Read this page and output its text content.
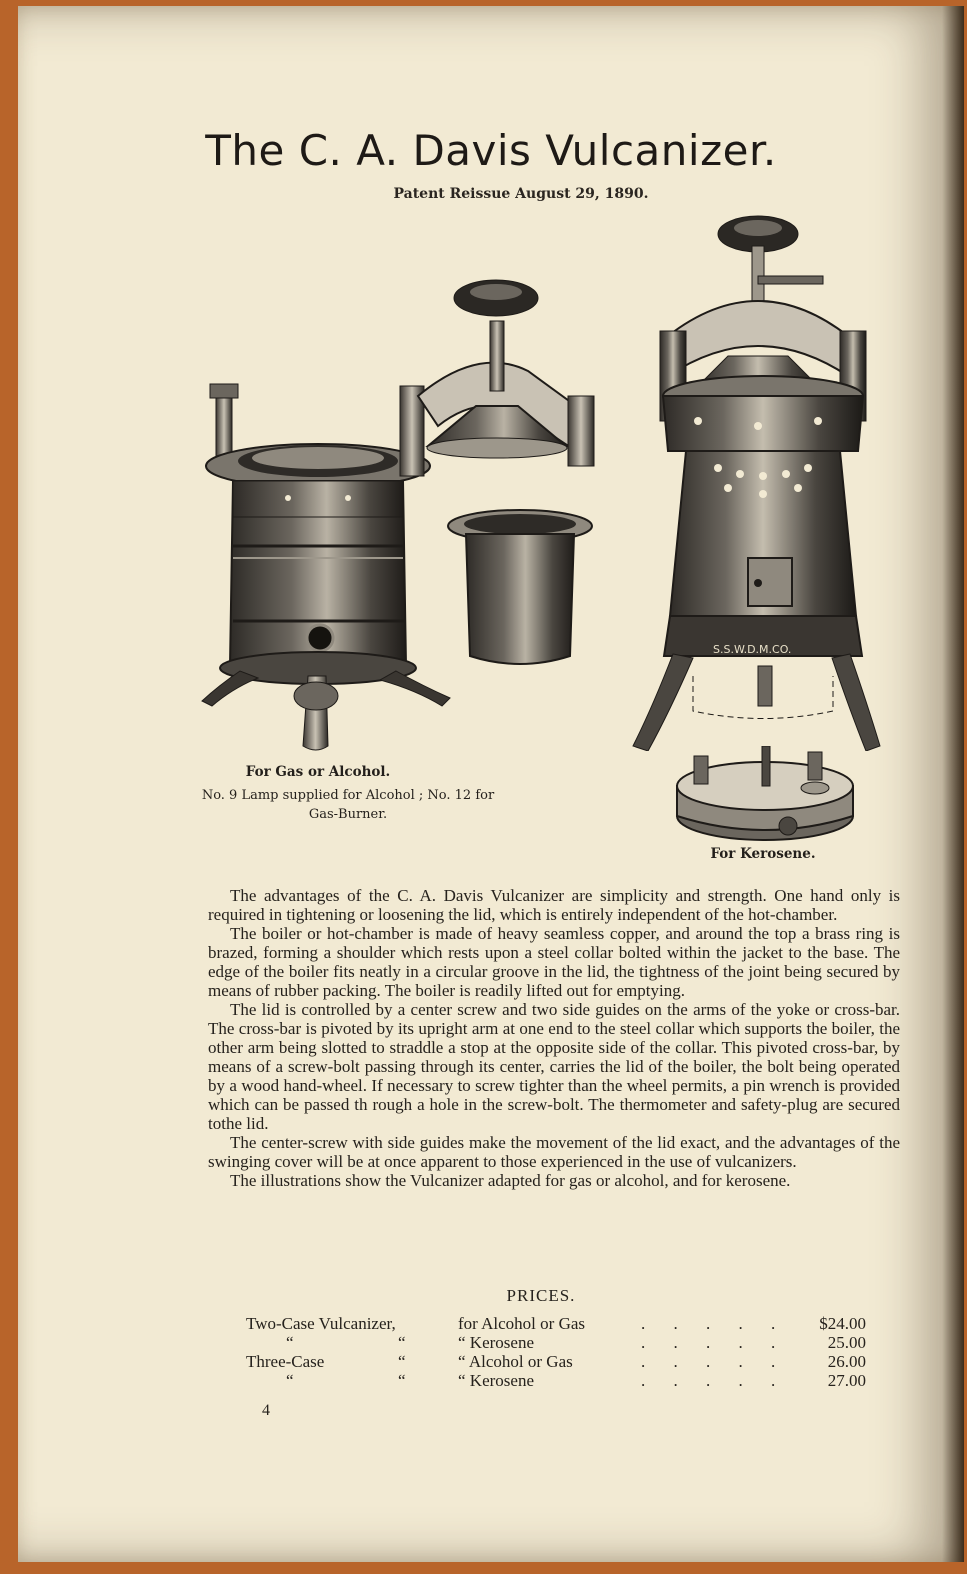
The C. A. Davis Vulcanizer.
Patent Reissue August 29, 1890.
S.S.W.D.M.CO.
For Gas or Alcohol.
No. 9 Lamp supplied for Alcohol ; No. 12 for
Gas-Burner.
For Kerosene.

The advantages of the C. A. Davis Vulcanizer are simplicity and strength. One hand only is required in tightening or loosening the lid, which is entirely independent of the hot-chamber.

The boiler or hot-chamber is made of heavy seamless copper, and around the top a brass ring is brazed, forming a shoulder which rests upon a steel collar bolted within the jacket to the base. The edge of the boiler fits neatly in a circular groove in the lid, the tightness of the joint being secured by means of rubber packing. The boiler is readily lifted out for emptying.

The lid is controlled by a center screw and two side guides on the arms of the yoke or cross-bar. The cross-bar is pivoted by its upright arm at one end to the steel collar which supports the boiler, the other arm being slotted to straddle a stop at the opposite side of the collar. This pivoted cross-bar, by means of a screw-bolt passing through its center, carries the lid of the boiler, the bolt being operated by a wood hand-wheel. If necessary to screw tighter than the wheel permits, a pin wrench is provided which can be passed th rough a hole in the screw-bolt. The thermometer and safety-plug are secured tothe lid.

The center-screw with side guides make the movement of the lid exact, and the advantages of the swinging cover will be at once apparent to those experienced in the use of vulcanizers.

The illustrations show the Vulcanizer adapted for gas or alcohol, and for kerosene.

PRICES.
Two-Case Vulcanizer,	for Alcohol or Gas	. . . . . $24.00
“	“	“ Kerosene	. . . . . 25.00
Three-Case	“	“ Alcohol or Gas	. . . . . 26.00
“	“	“ Kerosene	. . . . . 27.00
4
